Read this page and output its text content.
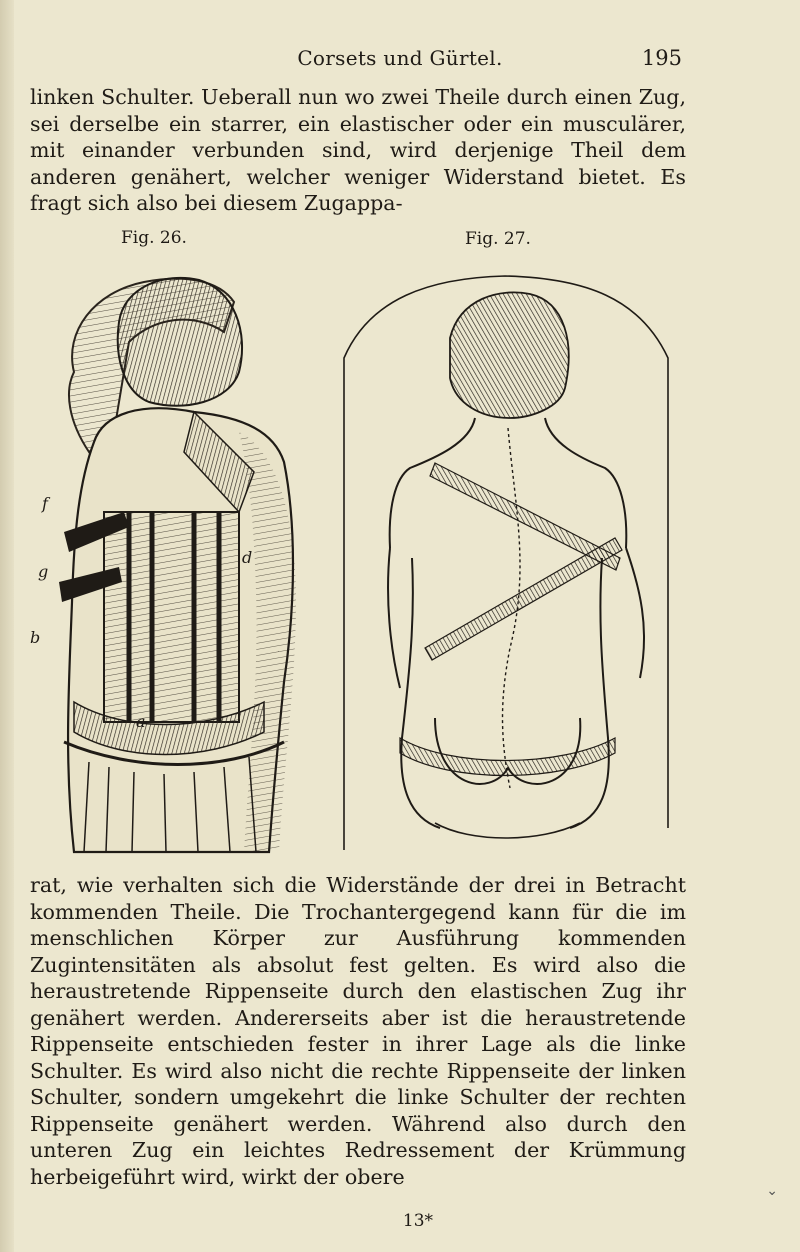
Corsets und Gürtel.	195

linken Schulter. Ueberall nun wo zwei Theile durch einen Zug, sei derselbe ein starrer, ein elastischer oder ein musculärer, mit einander verbunden sind, wird derjenige Theil dem anderen genähert, welcher weniger Widerstand bietet. Es fragt sich also bei diesem Zugappa-

Fig. 26.	Fig. 27.
f
g
b
d
a

rat, wie verhalten sich die Widerstände der drei in Betracht kommenden Theile. Die Trochantergegend kann für die im menschlichen Körper zur Ausführung kommenden Zugintensitäten als absolut fest gelten. Es wird also die heraustretende Rippenseite durch den elastischen Zug ihr genähert werden. Andererseits aber ist die heraustretende Rippenseite entschieden fester in ihrer Lage als die linke Schulter. Es wird also nicht die rechte Rippenseite der linken Schulter, sondern umgekehrt die linke Schulter der rechten Rippenseite genähert werden. Während also durch den unteren Zug ein leichtes Redressement der Krümmung herbeigeführt wird, wirkt der obere

⌄
13*
